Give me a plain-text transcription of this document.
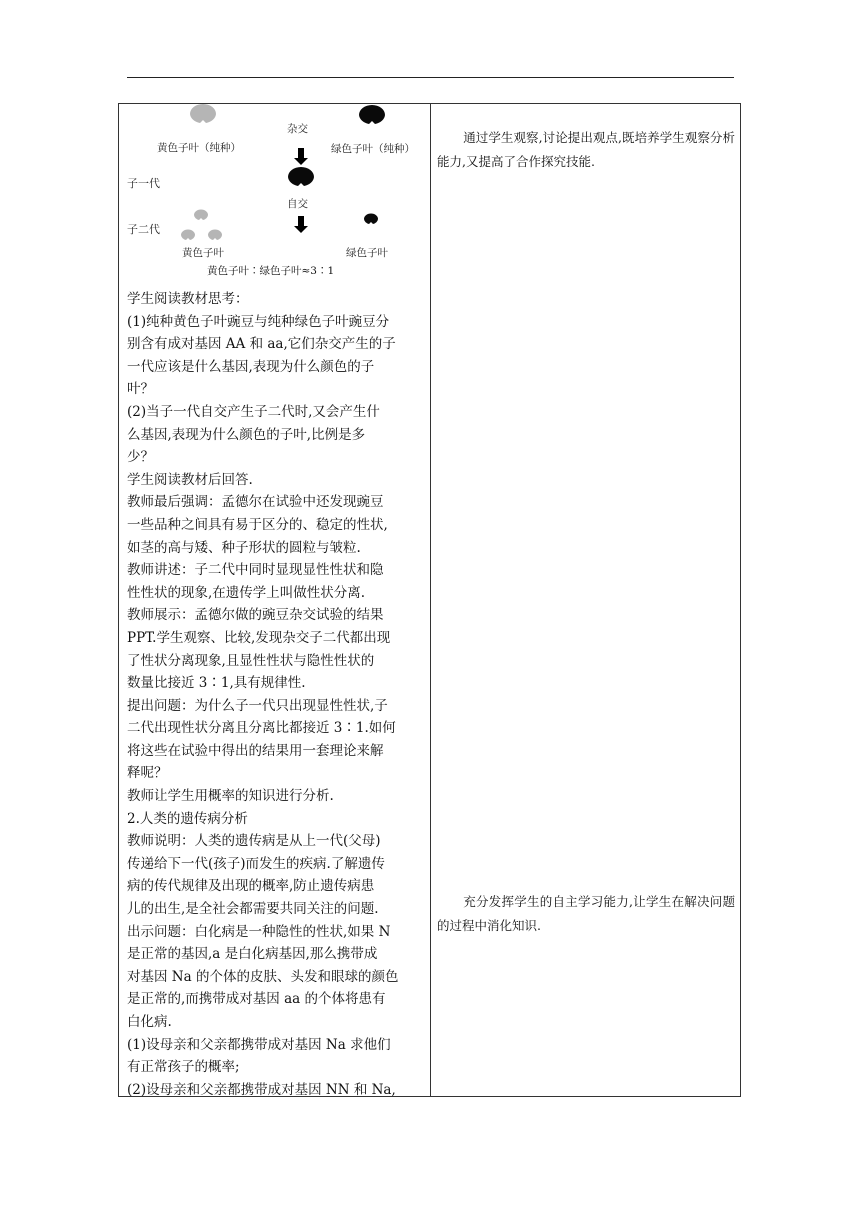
杂交
黄色子叶（纯种）	绿色子叶（纯种）
子一代
自交
子二代
黄色子叶	绿色子叶
黄色子叶∶绿色子叶≈3∶1

学生阅读教材思考：

(1)纯种黄色子叶豌豆与纯种绿色子叶豌豆分

别含有成对基因 AA 和 aa,它们杂交产生的子

一代应该是什么基因,表现为什么颜色的子

叶？

(2)当子一代自交产生子二代时,又会产生什

么基因,表现为什么颜色的子叶,比例是多

少？

学生阅读教材后回答.

教师最后强调：孟德尔在试验中还发现豌豆

一些品种之间具有易于区分的、稳定的性状,

如茎的高与矮、种子形状的圆粒与皱粒.

教师讲述：子二代中同时显现显性性状和隐

性性状的现象,在遗传学上叫做性状分离.

教师展示：孟德尔做的豌豆杂交试验的结果

PPT.学生观察、比较,发现杂交子二代都出现

了性状分离现象,且显性性状与隐性性状的

数量比接近 3∶1,具有规律性.

提出问题：为什么子一代只出现显性性状,子

二代出现性状分离且分离比都接近 3∶1.如何

将这些在试验中得出的结果用一套理论来解

释呢？

教师让学生用概率的知识进行分析.

2.人类的遗传病分析

教师说明：人类的遗传病是从上一代(父母)

传递给下一代(孩子)而发生的疾病.了解遗传

病的传代规律及出现的概率,防止遗传病患

儿的出生,是全社会都需要共同关注的问题.

出示问题：白化病是一种隐性的性状,如果 N

是正常的基因,a 是白化病基因,那么携带成

对基因 Na 的个体的皮肤、头发和眼球的颜色

是正常的,而携带成对基因 aa 的个体将患有

白化病.

(1)设母亲和父亲都携带成对基因 Na 求他们

有正常孩子的概率;

(2)设母亲和父亲都携带成对基因 NN 和 Na,

通过学生观察,讨论提出观点,既培养学生观察分析能力,又提高了合作探究技能.
充分发挥学生的自主学习能力,让学生在解决问题的过程中消化知识.
